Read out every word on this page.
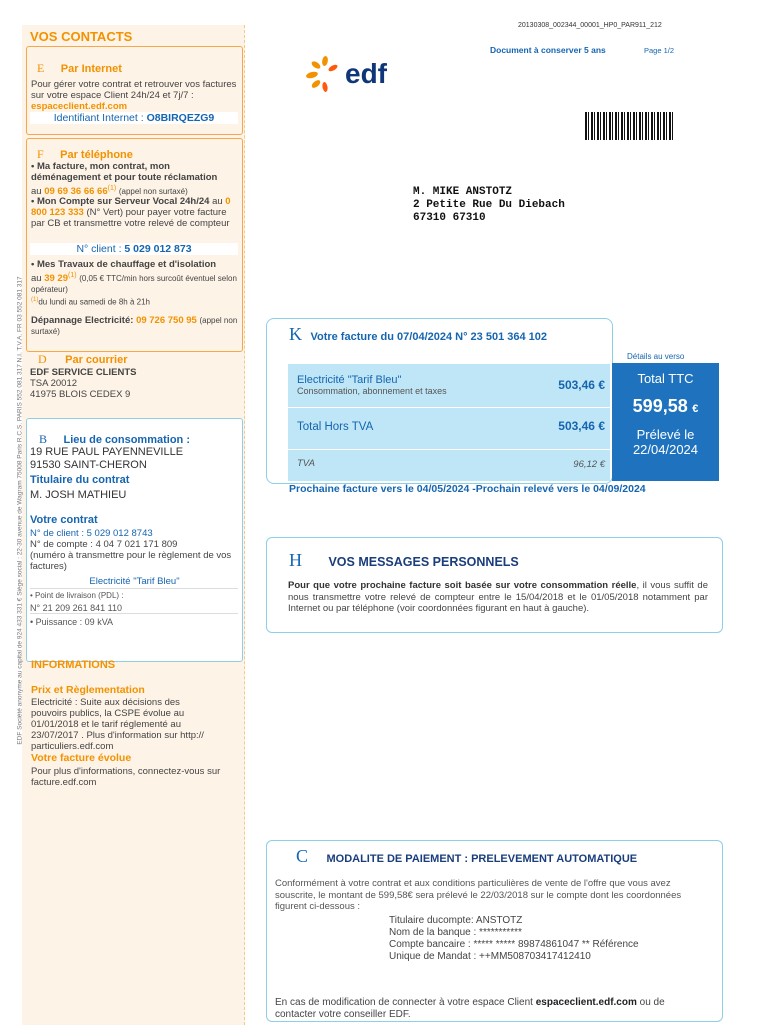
EDF Société anonyme au capital de 924 433 331 € Siège social : 22-30 avenue de Wagram 75008 Paris R.C.S. PARIS 552 081 317 N.I. T.V.A. FR 03 552 081 317
20130308_002344_00001_HP0_PAR911_212
Document à conserver 5 ans	Page 1/2
edf
M. MIKE ANSTOTZ
2 Petite Rue Du Diebach
67310 67310
VOS CONTACTS
E Par Internet
Pour gérer votre contrat et retrouver vos factures sur votre espace Client 24h/24 et 7j/7 : espaceclient.edf.com
Identifiant Internet : O8BIRQEZG9
F Par téléphone
• Ma facture, mon contrat, mon déménagement et pour toute réclamation
au 09 69 36 66 66$^{(1)}$ (appel non surtaxé)
• Mon Compte sur Serveur Vocal 24h/24 au 0 800 123 333 (N° Vert) pour payer votre facture par CB et transmettre votre relevé de compteur
N° client : 5 029 012 873
• Mes Travaux de chauffage et d'isolation
au 39 29$^{(1)}$ (0,05 € TTC/min hors surcoût éventuel selon opérateur)
$^{(1)}$du lundi au samedi de 8h à 21h
Dépannage Electricité: 09 726 750 95 (appel non surtaxé)
D Par courrier
EDF SERVICE CLIENTS
TSA 20012
41975 BLOIS CEDEX 9
B Lieu de consommation :
19 RUE PAUL PAYENNEVILLE
91530 SAINT-CHERON
Titulaire du contrat
M. JOSH MATHIEU
Votre contrat
N° de client : 5 029 012 8743
N° de compte : 4 04 7 021 171 809
(numéro à transmettre pour le règlement de vos factures)
Electricité "Tarif Bleu"
• Point de livraison (PDL) :
N° 21 209 261 841 110
• Puissance : 09 kVA
INFORMATIONS
Prix et Règlementation
Electricité : Suite aux décisions des pouvoirs publics, la CSPE évolue au 01/01/2018 et le tarif réglementé au 23/07/2017 . Plus d'information sur http:// particuliers.edf.com
Votre facture évolue
Pour plus d'informations, connectez-vous sur facture.edf.com
K Votre facture du 07/04/2024 N° 23 501 364 102
Détails au verso
Electricité "Tarif Bleu"
Consommation, abonnement et taxes	503,46 €
Total Hors TVA	503,46 €
TVA	96,12 €
Total TTC
599,58 €
Prélevé le
22/04/2024
Prochaine facture vers le 04/05/2024 -Prochain relevé vers le 04/09/2024
H VOS MESSAGES PERSONNELS
Pour que votre prochaine facture soit basée sur votre consommation réelle, il vous suffit de nous transmettre votre relevé de compteur entre le 15/04/2018 et le 01/05/2018 notamment par Internet ou par téléphone (voir coordonnées figurant en haut à gauche).
C MODALITE DE PAIEMENT : PRELEVEMENT AUTOMATIQUE
Conformément à votre contrat et aux conditions particulières de vente de l'offre que vous avez souscrite, le montant de 599,58€ sera prélevé le 22/03/2018 sur le compte dont les coordonnées figurent ci-dessous :
Titulaire ducompte: ANSTOTZ
Nom de la banque : ***********
Compte bancaire : ***** ***** 89874861047 ** Référence
Unique de Mandat : ++MM508703417412410
En cas de modification de connecter à votre espace Client espaceclient.edf.com ou de contacter votre conseiller EDF.
